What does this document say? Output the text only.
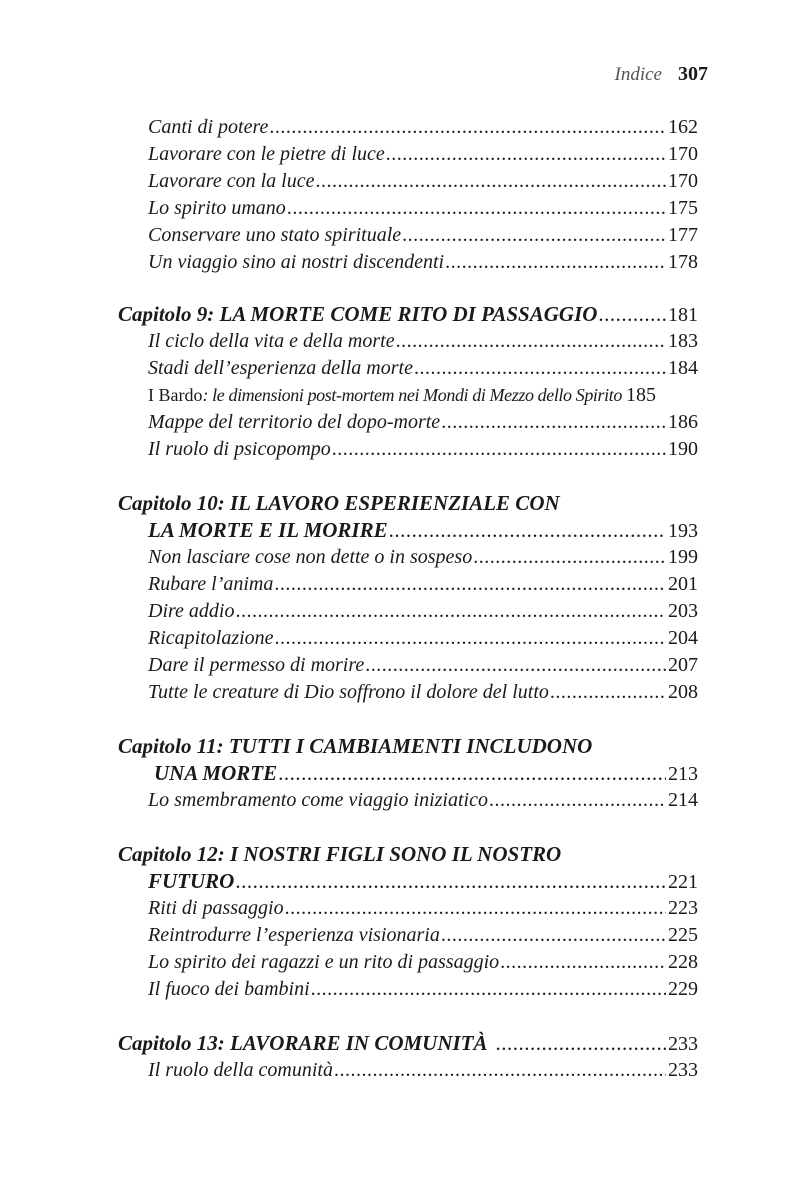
Indice 307
Canti di potere .....	162
Lavorare con le pietre di luce .....	170
Lavorare con la luce .....	170
Lo spirito umano .....	175
Conservare uno stato spirituale .....	177
Un viaggio sino ai nostri discendenti .....	178
Capitolo 9: LA MORTE COME RITO DI PASSAGGIO .....	181
Il ciclo della vita e della morte .....	183
Stadi dell’esperienza della morte .....	184
I Bardo: le dimensioni post-mortem nei Mondi di Mezzo dello Spirito 185
Mappe del territorio del dopo-morte .....	186
Il ruolo di psicopompo .....	190
Capitolo 10: IL LAVORO ESPERIENZIALE CON
LA MORTE E IL MORIRE .....	193
Non lasciare cose non dette o in sospeso .....	199
Rubare l’anima .....	201
Dire addio .....	203
Ricapitolazione .....	204
Dare il permesso di morire .....	207
Tutte le creature di Dio soffrono il dolore del lutto .....	208
Capitolo 11: TUTTI I CAMBIAMENTI INCLUDONO
UNA MORTE .....	213
Lo smembramento come viaggio iniziatico .....	214
Capitolo 12: I NOSTRI FIGLI SONO IL NOSTRO
FUTURO .....	221
Riti di passaggio .....	223
Reintrodurre l’esperienza visionaria .....	225
Lo spirito dei ragazzi e un rito di passaggio .....	228
Il fuoco dei bambini .....	229
Capitolo 13: LAVORARE IN COMUNITÀ .....	233
Il ruolo della comunità .....	233
